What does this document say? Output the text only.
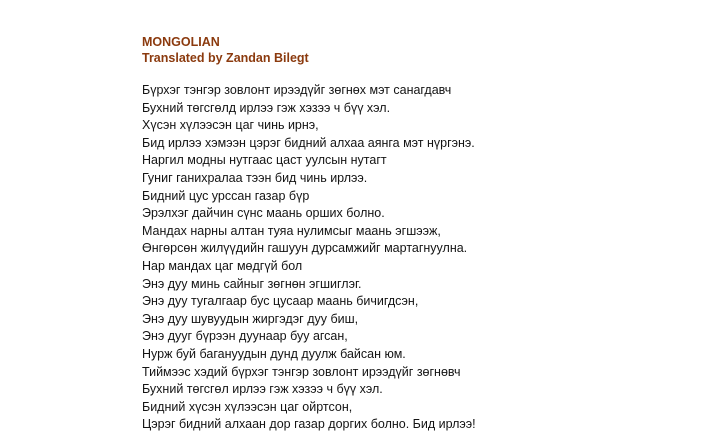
MONGOLIAN
Translated by Zandan Bilegt
Бүрхэг тэнгэр зовлонт ирээдүйг зөгнөх мэт санагдавч
Бухний төгсгөлд ирлээ гэж хэзээ ч бүү хэл.
Хүсэн хүлээсэн цаг чинь ирнэ,
Бид ирлээ хэмээн цэрэг бидний алхаа аянга мэт нүргэнэ.
Наргил модны нутгаас цаст уулсын нутагт
Гуниг ганихралаа тээн бид чинь ирлээ.
Бидний цус урссан газар бүр
Эрэлхэг дайчин сүнс маань орших болно.
Мандах нарны алтан туяа нулимсыг маань эгшээж,
Өнгөрсөн жилүүдийн гашуун дурсамжийг мартагнуулна.
Нар мандах цаг мөдгүй бол
Энэ дуу минь сайныг зөгнөн эгшиглэг.
Энэ дуу тугалгаар бус цусаар маань бичигдсэн,
Энэ дуу шувуудын жиргэдэг дуу биш,
Энэ дууг бүрээн дуунаар буу агсан,
Нурж буй багануудын дунд дуулж байсан юм.
Тиймээс хэдий бүрхэг тэнгэр зовлонт ирээдүйг зөгнөвч
Бухний төгсгөл ирлээ гэж хэзээ ч бүү хэл.
Бидний хүсэн хүлээсэн цаг ойртсон,
Цэрэг бидний алхаан дор газар доргих болно. Бид ирлээ!
